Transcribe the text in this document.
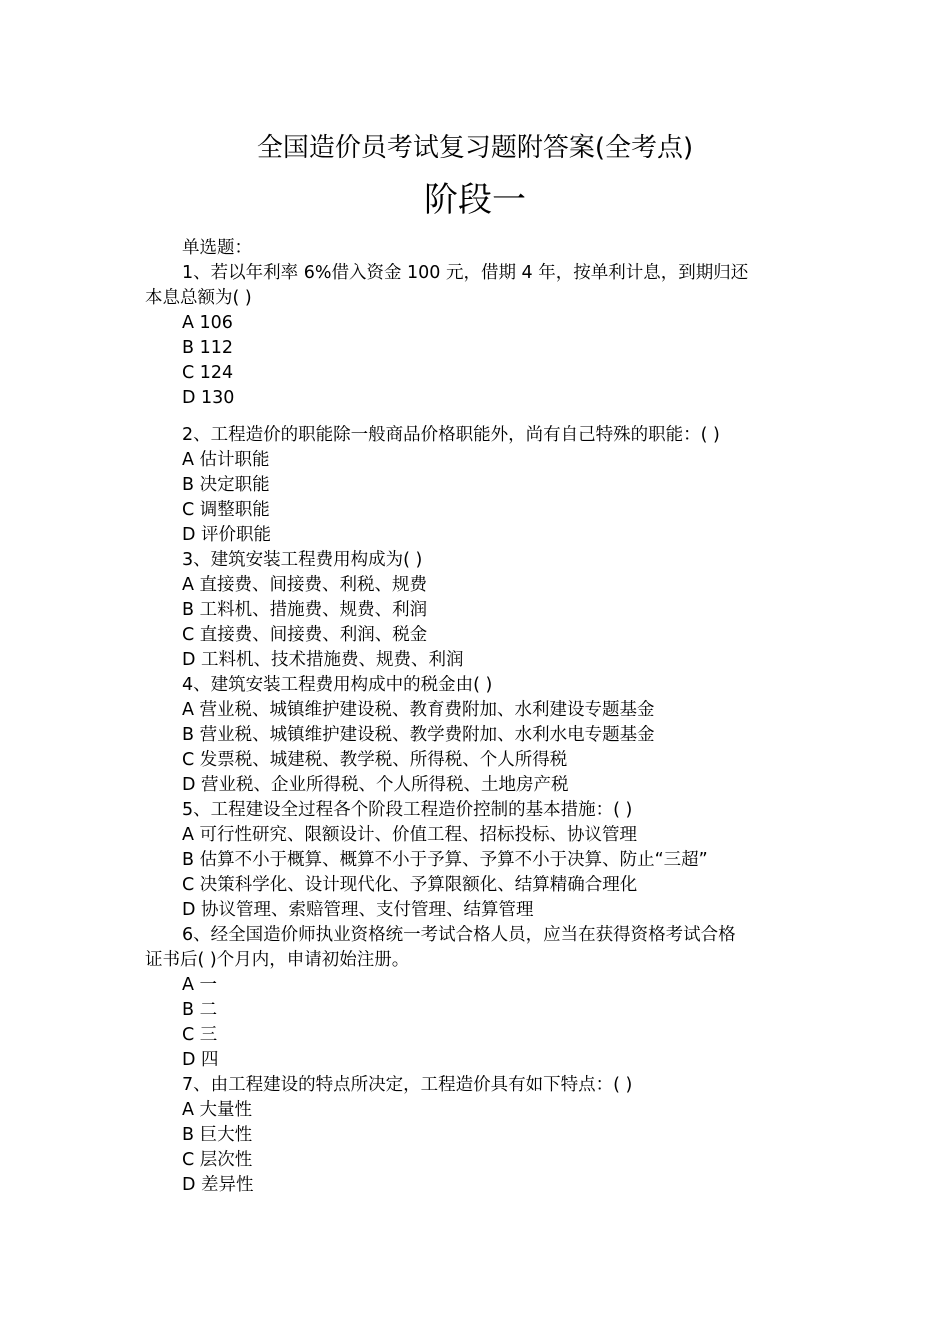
全国造价员考试复习题附答案(全考点)
阶段一
单选题：
1、若以年利率 6%借入资金 100 元，借期 4 年，按单利计息，到期归还
本息总额为( )
A 106
B 112
C 124
D 130
2、工程造价的职能除一般商品价格职能外，尚有自己特殊的职能：( )
A 估计职能
B 决定职能
C 调整职能
D 评价职能
3、建筑安装工程费用构成为( )
A 直接费、间接费、利税、规费
B 工料机、措施费、规费、利润
C 直接费、间接费、利润、税金
D 工料机、技术措施费、规费、利润
4、建筑安装工程费用构成中的税金由( )
A 营业税、城镇维护建设税、教育费附加、水利建设专题基金
B 营业税、城镇维护建设税、教学费附加、水利水电专题基金
C 发票税、城建税、教学税、所得税、个人所得税
D 营业税、企业所得税、个人所得税、土地房产税
5、工程建设全过程各个阶段工程造价控制的基本措施：( )
A 可行性研究、限额设计、价值工程、招标投标、协议管理
B 估算不小于概算、概算不小于予算、予算不小于决算、防止“三超”
C 决策科学化、设计现代化、予算限额化、结算精确合理化
D 协议管理、索赔管理、支付管理、结算管理
6、经全国造价师执业资格统一考试合格人员，应当在获得资格考试合格
证书后( )个月内，申请初始注册。
A 一
B 二
C 三
D 四
7、由工程建设的特点所决定，工程造价具有如下特点：( )
A 大量性
B 巨大性
C 层次性
D 差异性
